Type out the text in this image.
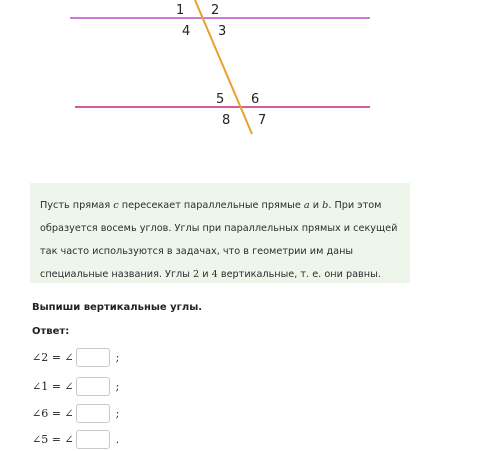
1 2
4 3
5 6
8 7
Пусть прямая c пересекает параллельные прямые a и b. При этом образуется восемь углов. Углы при параллельных прямых и секущей так часто используются в задачах, что в геометрии им даны специальные названия. Углы 2 и 4 вертикальные, т. е. они равны.
Выпиши вертикальные углы.
Ответ:
∠2 = ∠	;
∠1 = ∠	;
∠6 = ∠	;
∠5 = ∠	.
